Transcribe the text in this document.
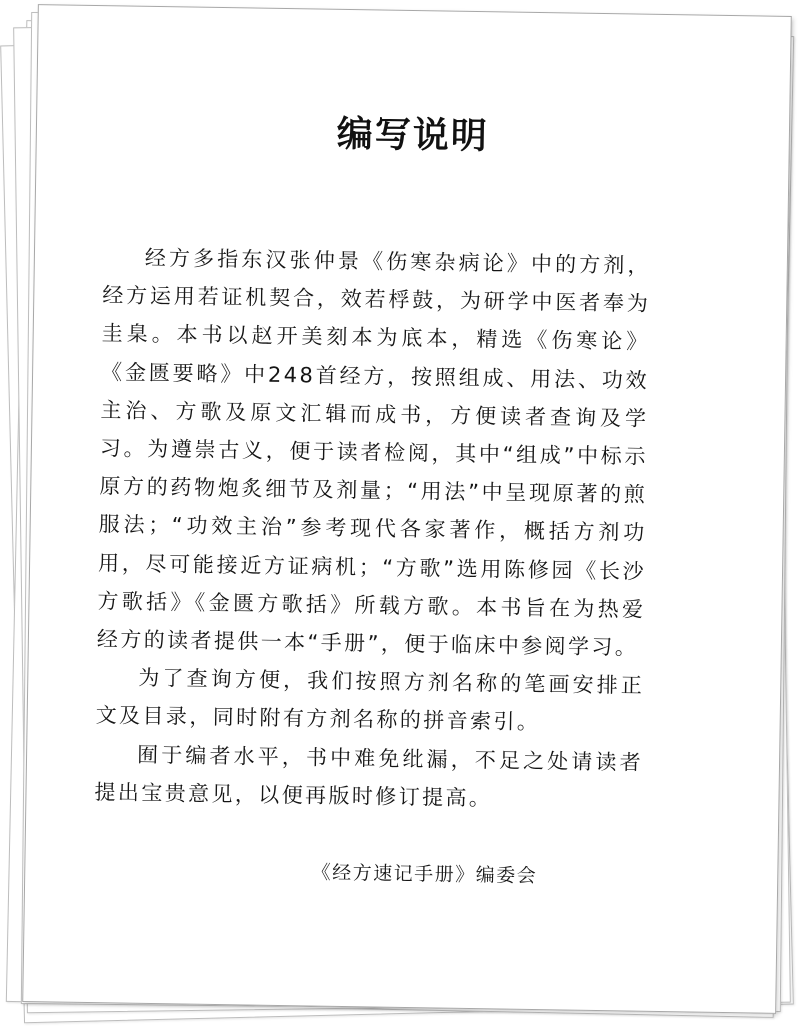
编写说明

经方多指东汉张仲景《伤寒杂病论》中的方剂，经方运用若证机契合，效若桴鼓，为研学中医者奉为圭臬。本书以赵开美刻本为底本，精选《伤寒论》《金匮要略》中248首经方，按照组成、用法、功效主治、方歌及原文汇辑而成书，方便读者查询及学习。为遵崇古义，便于读者检阅，其中“组成”中标示原方的药物炮炙细节及剂量；“用法”中呈现原著的煎服法；“功效主治”参考现代各家著作，概括方剂功用，尽可能接近方证病机；“方歌”选用陈修园《长沙方歌括》《金匮方歌括》所载方歌。本书旨在为热爱经方的读者提供一本“手册”，便于临床中参阅学习。

为了查询方便，我们按照方剂名称的笔画安排正文及目录，同时附有方剂名称的拼音索引。

囿于编者水平，书中难免纰漏，不足之处请读者提出宝贵意见，以便再版时修订提高。

《经方速记手册》编委会
